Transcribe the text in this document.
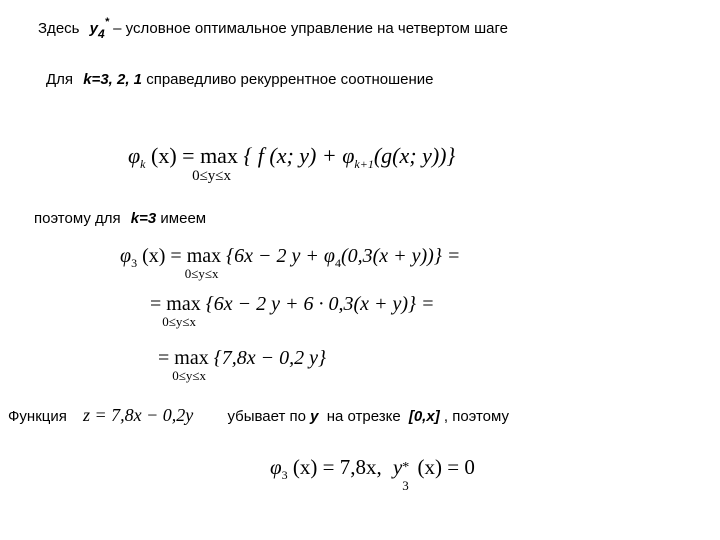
Здесь $y_4^*$ – условное оптимальное управление на четвертом шаге
Для k=3, 2, 1 справедливо рекуррентное соотношение
$\varphi_k$ (x) = max
0≤y≤x
{ f (x; $y) + \varphi_{k+1}(g(x$; y))}
поэтому для k=3 имеем
$\varphi_3$ (x) = max
0≤y≤x
{6x − 2 $y + \varphi_4(0,3(x + y))$} =
= max
0≤y≤x
{6x − 2 y + 6 · 0,3(x + y)} =
= max
0≤y≤x
{7,8x − 0,2 y}
Функция z = 7,8x − 0,2y убывает по y на отрезке [0,x] , поэтому
$\varphi_3$ (x) = 7,8x, y *
3
(x) = 0
